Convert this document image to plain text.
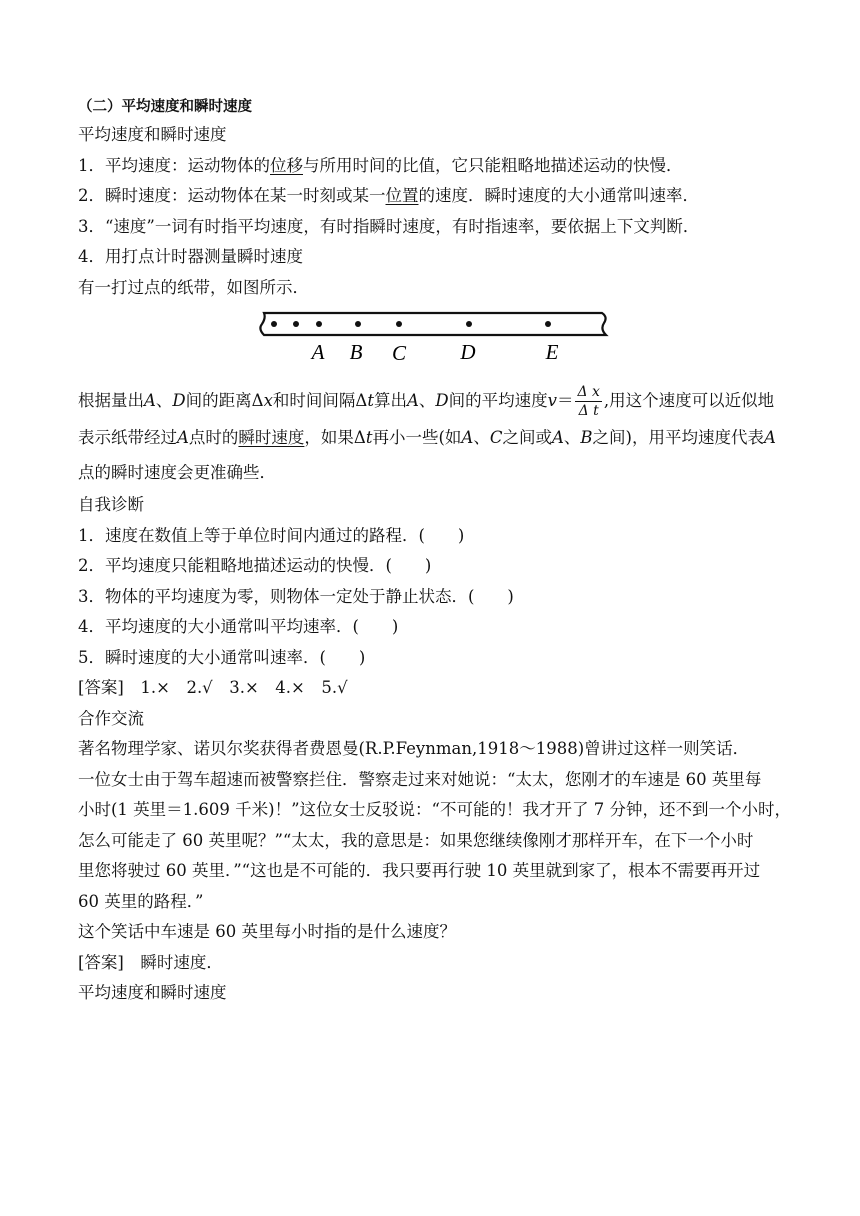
（二）平均速度和瞬时速度
平均速度和瞬时速度
1．平均速度：运动物体的位移与所用时间的比值，它只能粗略地描述运动的快慢．
2．瞬时速度：运动物体在某一时刻或某一位置的速度．瞬时速度的大小通常叫速率．
3．“速度”一词有时指平均速度，有时指瞬时速度，有时指速率，要依据上下文判断．
4．用打点计时器测量瞬时速度
有一打过点的纸带，如图所示．
A B C	D	E
根据量出A、D间的距离Δx和时间间隔Δt算出A、D间的平均速度$v= \frac{\text{Δ x}}{\text{Δ t}}$ ,用这个速度可以近似地表示纸带经过A点时的瞬时速度，如果Δt再小一些(如A、C之间或A、B之间)，用平均速度代表A点的瞬时速度会更准确些．
自我诊断
1．速度在数值上等于单位时间内通过的路程．(　　)
2．平均速度只能粗略地描述运动的快慢．(　　)
3．物体的平均速度为零，则物体一定处于静止状态．(　　)
4．平均速度的大小通常叫平均速率．(　　)
5．瞬时速度的大小通常叫速率．(　　)
[答案]　1.×　2.√　3.×　4.×　5.√
合作交流
著名物理学家、诺贝尔奖获得者费恩曼(R.P.Feynman,1918～1988)曾讲过这样一则笑话．
一位女士由于驾车超速而被警察拦住．警察走过来对她说：“太太，您刚才的车速是 60 英里每
小时(1 英里＝1.609 千米)！”这位女士反驳说：“不可能的！我才开了 7 分钟，还不到一个小时，
怎么可能走了 60 英里呢？”“太太，我的意思是：如果您继续像刚才那样开车，在下一个小时
里您将驶过 60 英里．”“这也是不可能的．我只要再行驶 10 英里就到家了，根本不需要再开过
60 英里的路程．”
这个笑话中车速是 60 英里每小时指的是什么速度？
[答案]　瞬时速度．
平均速度和瞬时速度
